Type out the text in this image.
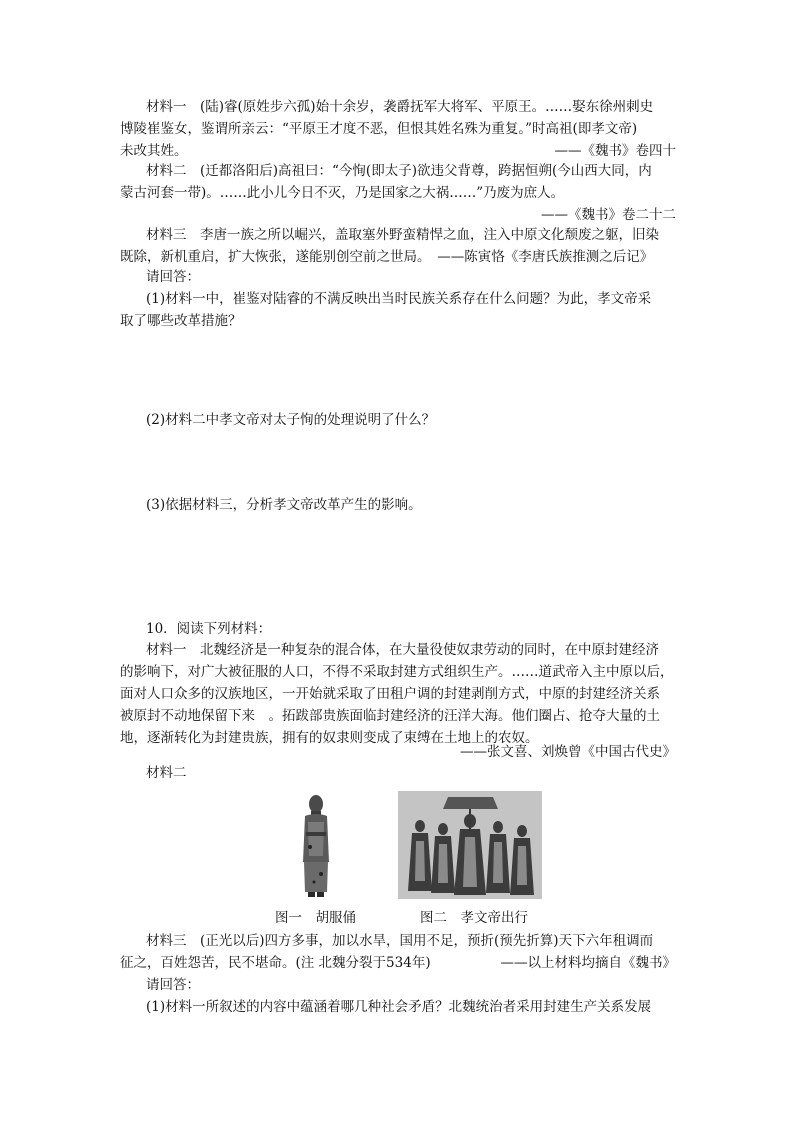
材料一　(陆)睿(原姓步六孤)始十余岁，袭爵抚军大将军、平原王。……娶东徐州刺史
博陵崔鉴女，鉴谓所亲云：“平原王才度不恶，但恨其姓名殊为重复。”时高祖(即孝文帝)
未改其姓。	——《魏书》卷四十
材料二　(迁都洛阳后)高祖曰：“今恂(即太子)欲违父背尊，跨据恒朔(今山西大同，内
蒙古河套一带)。……此小儿今日不灭，乃是国家之大祸……”乃废为庶人。
——《魏书》卷二十二
材料三　李唐一族之所以崛兴，盖取塞外野蛮精悍之血，注入中原文化颓废之躯，旧染
既除，新机重启，扩大恢张，遂能别创空前之世局。　——陈寅恪《李唐氏族推测之后记》
请回答：
(1)材料一中，崔鉴对陆睿的不满反映出当时民族关系存在什么问题？为此，孝文帝采
取了哪些改革措施？
(2)材料二中孝文帝对太子恂的处理说明了什么？
(3)依据材料三，分析孝文帝改革产生的影响。
10．阅读下列材料：
材料一　北魏经济是一种复杂的混合体，在大量役使奴隶劳动的同时，在中原封建经济
的影响下，对广大被征服的人口，不得不采取封建方式组织生产。……道武帝入主中原以后，
面对人口众多的汉族地区，一开始就采取了田租户调的封建剥削方式，中原的封建经济关系
被原封不动地保留下来　。拓跋部贵族面临封建经济的汪洋大海。他们圈占、抢夺大量的土
地，逐渐转化为封建贵族，拥有的奴隶则变成了束缚在土地上的农奴。
——张文喜、刘焕曾《中国古代史》
材料二
图一　胡服俑	图二　孝文帝出行
材料三　(正光以后)四方多事，加以水旱，国用不足，预折(预先折算)天下六年租调而
征之，百姓怨苦，民不堪命。(注 北魏分裂于534年)	——以上材料均摘自《魏书》
请回答：
(1)材料一所叙述的内容中蕴涵着哪几种社会矛盾？北魏统治者采用封建生产关系发展
